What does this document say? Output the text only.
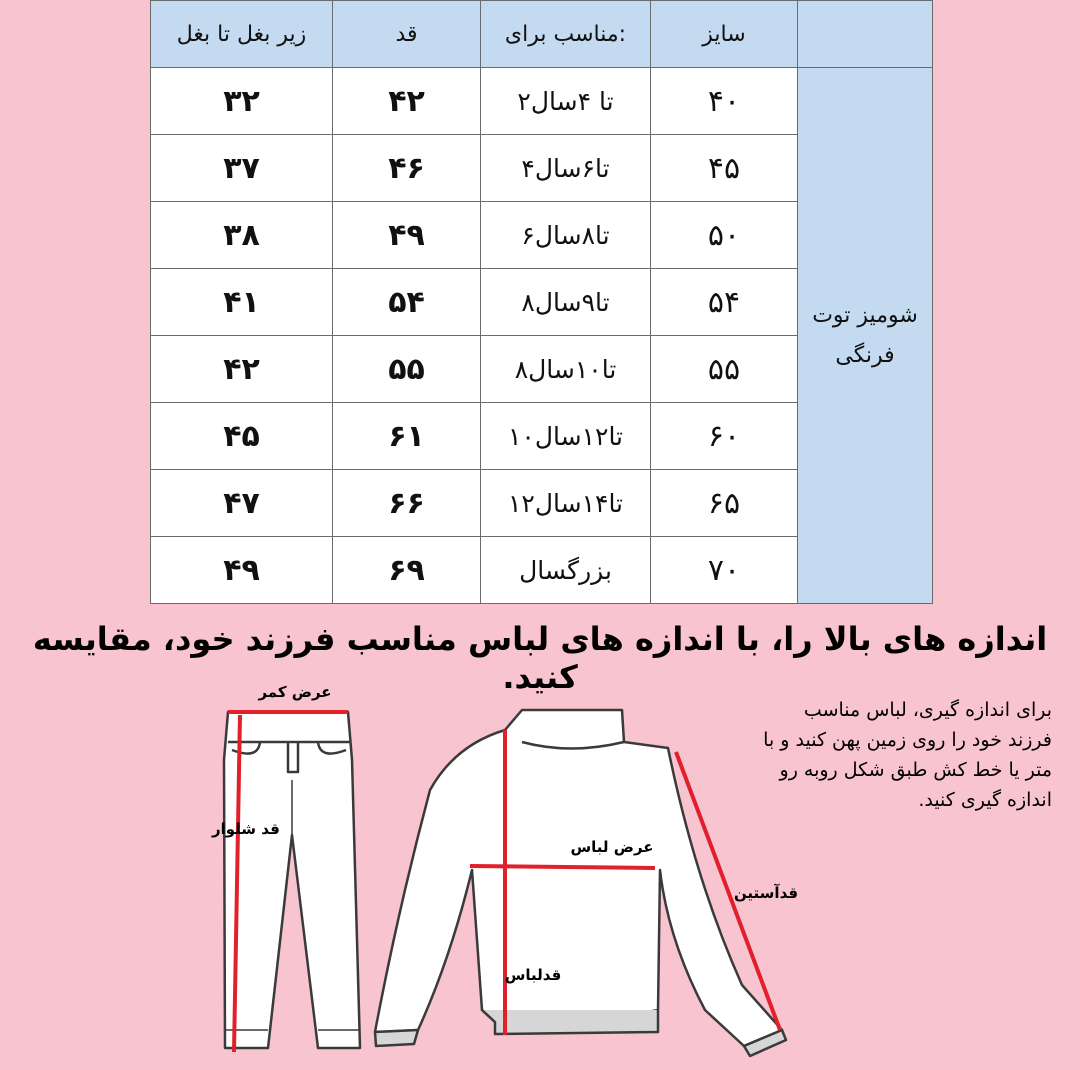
زیر بغل تا بغل	قد	مناسب برای:	سایز	
۳۲	۴۲	۲تا ۴سال	۴۰	شومیز توت فرنگی
۳۷	۴۶	۴تا۶سال	۴۵	
۳۸	۴۹	۶تا۸سال	۵۰	
۴۱	۵۴	۸تا۹سال	۵۴	
۴۲	۵۵	۸تا۱۰سال	۵۵	
۴۵	۶۱	۱۰تا۱۲سال	۶۰	
۴۷	۶۶	۱۲تا۱۴سال	۶۵	
۴۹	۶۹	بزرگسال	۷۰	
اندازه های بالا را، با اندازه های لباس مناسب فرزند خود، مقایسه کنید.
برای اندازه گیری، لباس مناسب فرزند خود را روی زمین پهن کنید و با متر یا خط کش طبق شکل روبه رو اندازه گیری کنید.
عرض کمر
قد شلوار
عرض لباس
قدلباس
قدآستین
